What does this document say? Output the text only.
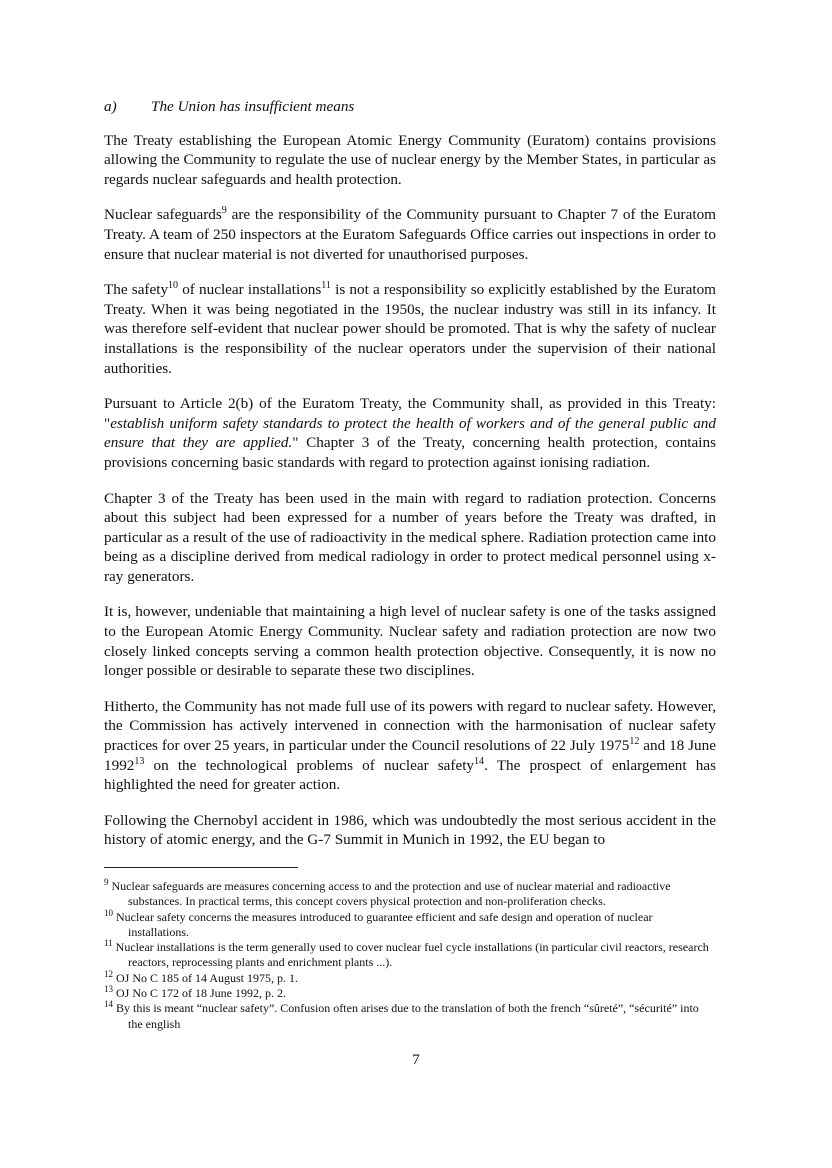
a)	The Union has insufficient means

The Treaty establishing the European Atomic Energy Community (Euratom) contains provisions allowing the Community to regulate the use of nuclear energy by the Member States, in particular as regards nuclear safeguards and health protection.

Nuclear safeguards$^9$ are the responsibility of the Community pursuant to Chapter 7 of the Euratom Treaty. A team of 250 inspectors at the Euratom Safeguards Office carries out inspections in order to ensure that nuclear material is not diverted for unauthorised purposes.

The safety$^{10}$ of nuclear installations$^{11}$ is not a responsibility so explicitly established by the Euratom Treaty. When it was being negotiated in the 1950s, the nuclear industry was still in its infancy. It was therefore self-evident that nuclear power should be promoted. That is why the safety of nuclear installations is the responsibility of the nuclear operators under the supervision of their national authorities.

Pursuant to Article 2(b) of the Euratom Treaty, the Community shall, as provided in this Treaty: "establish uniform safety standards to protect the health of workers and of the general public and ensure that they are applied." Chapter 3 of the Treaty, concerning health protection, contains provisions concerning basic standards with regard to protection against ionising radiation.

Chapter 3 of the Treaty has been used in the main with regard to radiation protection. Concerns about this subject had been expressed for a number of years before the Treaty was drafted, in particular as a result of the use of radioactivity in the medical sphere. Radiation protection came into being as a discipline derived from medical radiology in order to protect medical personnel using x-ray generators.

It is, however, undeniable that maintaining a high level of nuclear safety is one of the tasks assigned to the European Atomic Energy Community. Nuclear safety and radiation protection are now two closely linked concepts serving a common health protection objective. Consequently, it is now no longer possible or desirable to separate these two disciplines.

Hitherto, the Community has not made full use of its powers with regard to nuclear safety. However, the Commission has actively intervened in connection with the harmonisation of nuclear safety practices for over 25 years, in particular under the Council resolutions of 22 July 1975$^{12}$ and 18 June 1992$^{13}$ on the technological problems of nuclear safety$^{14}$. The prospect of enlargement has highlighted the need for greater action.

Following the Chernobyl accident in 1986, which was undoubtedly the most serious accident in the history of atomic energy, and the G-7 Summit in Munich in 1992, the EU began to

$^9$ Nuclear safeguards are measures concerning access to and the protection and use of nuclear material and radioactive substances. In practical terms, this concept covers physical protection and non-proliferation checks.

$^{10}$ Nuclear safety concerns the measures introduced to guarantee efficient and safe design and operation of nuclear installations.

$^{11}$ Nuclear installations is the term generally used to cover nuclear fuel cycle installations (in particular civil reactors, research reactors, reprocessing plants and enrichment plants ...).

$^{12}$ OJ No C 185 of 14 August 1975, p. 1.

$^{13}$ OJ No C 172 of 18 June 1992, p. 2.

$^{14}$ By this is meant “nuclear safety”. Confusion often arises due to the translation of both the french “sûreté”, “sécurité” into the english

7
